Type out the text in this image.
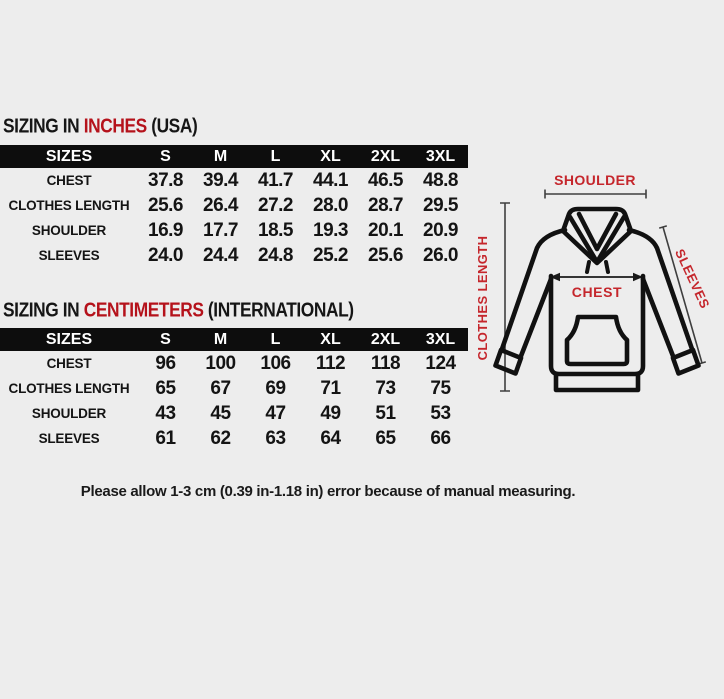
SIZING IN INCHES (USA)
SIZES	S	M	L	XL	2XL	3XL
CHEST	37.8	39.4	41.7	44.1	46.5	48.8
CLOTHES LENGTH	25.6	26.4	27.2	28.0	28.7	29.5
SHOULDER	16.9	17.7	18.5	19.3	20.1	20.9
SLEEVES	24.0	24.4	24.8	25.2	25.6	26.0
SIZING IN CENTIMETERS (INTERNATIONAL)
SIZES	S	M	L	XL	2XL	3XL
CHEST	96	100	106	112	118	124
CLOTHES LENGTH	65	67	69	71	73	75
SHOULDER	43	45	47	49	51	53
SLEEVES	61	62	63	64	65	66
Please allow 1-3 cm (0.39 in-1.18 in) error because of manual measuring.
SHOULDER
CLOTHES LENGTH	CHEST	SLEEVES
